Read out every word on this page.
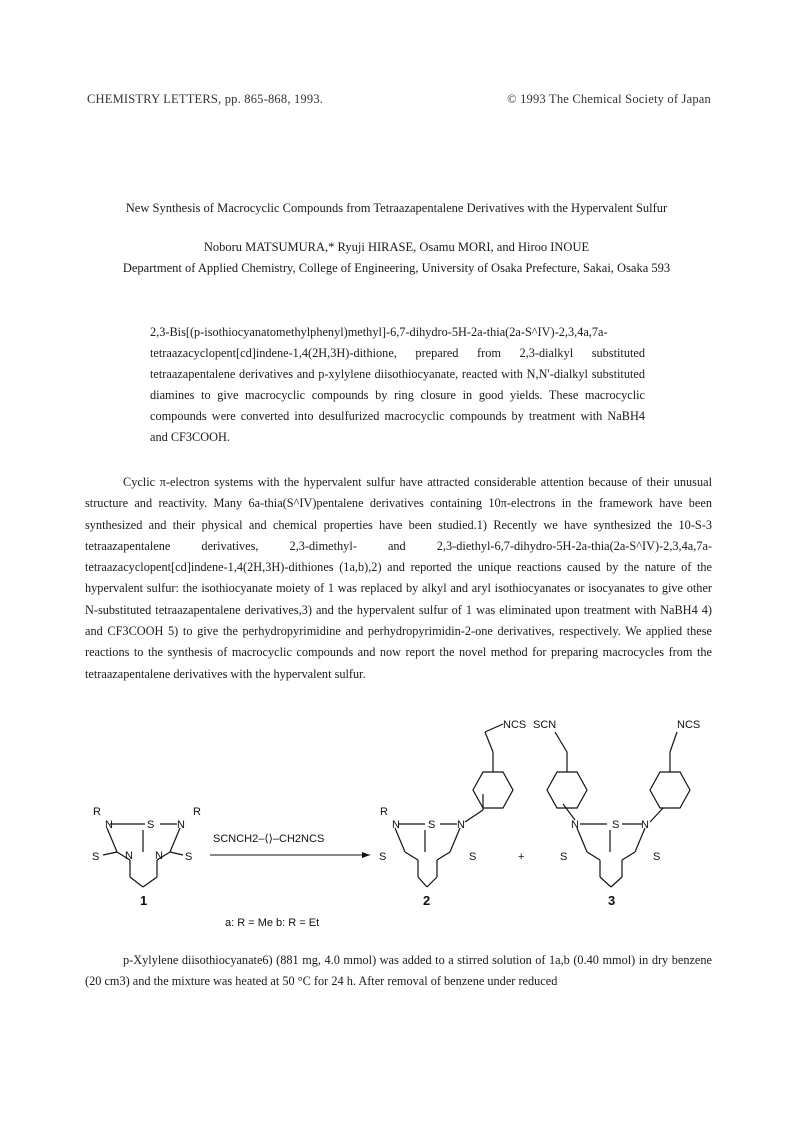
CHEMISTRY LETTERS, pp. 865-868, 1993.	© 1993 The Chemical Society of Japan
New Synthesis of Macrocyclic Compounds from Tetraazapentalene Derivatives with the Hypervalent Sulfur
Noboru MATSUMURA,* Ryuji HIRASE, Osamu MORI, and Hiroo INOUE
Department of Applied Chemistry, College of Engineering, University of Osaka Prefecture, Sakai, Osaka 593
2,3-Bis[(p-isothiocyanatomethylphenyl)methyl]-6,7-dihydro-5H-2a-thia(2a-S^IV)-2,3,4a,7a-tetraazacyclopent[cd]indene-1,4(2H,3H)-dithione, prepared from 2,3-dialkyl substituted tetraazapentalene derivatives and p-xylylene diisothiocyanate, reacted with N,N'-dialkyl substituted diamines to give macrocyclic compounds by ring closure in good yields. These macrocyclic compounds were converted into desulfurized macrocyclic compounds by treatment with NaBH4 and CF3COOH.
Cyclic π-electron systems with the hypervalent sulfur have attracted considerable attention because of their unusual structure and reactivity. Many 6a-thia(S^IV)pentalene derivatives containing 10π-electrons in the framework have been synthesized and their physical and chemical properties have been studied.1) Recently we have synthesized the 10-S-3 tetraazapentalene derivatives, 2,3-dimethyl- and 2,3-diethyl-6,7-dihydro-5H-2a-thia(2a-S^IV)-2,3,4a,7a-tetraazacyclopent[cd]indene-1,4(2H,3H)-dithiones (1a,b),2) and reported the unique reactions caused by the nature of the hypervalent sulfur: the isothiocyanate moiety of 1 was replaced by alkyl and aryl isothiocyanates or isocyanates to give other N-substituted tetraazapentalene derivatives,3) and the hypervalent sulfur of 1 was eliminated upon treatment with NaBH4 4) and CF3COOH 5) to give the perhydropyrimidine and perhydropyrimidin-2-one derivatives, respectively. We applied these reactions to the synthesis of macrocyclic compounds and now report the novel method for preparing macrocycles from the tetraazapentalene derivatives with the hypervalent sulfur.
R
N	S N
R
S	S
N N
1
SCNCH2–⟨⟩–CH2NCS
a: R = Me b: R = Et
R
N	S N
S	S
NCS
2
+
N	S N
S	S
SCN	NCS
3
p-Xylylene diisothiocyanate6) (881 mg, 4.0 mmol) was added to a stirred solution of 1a,b (0.40 mmol) in dry benzene (20 cm3) and the mixture was heated at 50 °C for 24 h. After removal of benzene under reduced
